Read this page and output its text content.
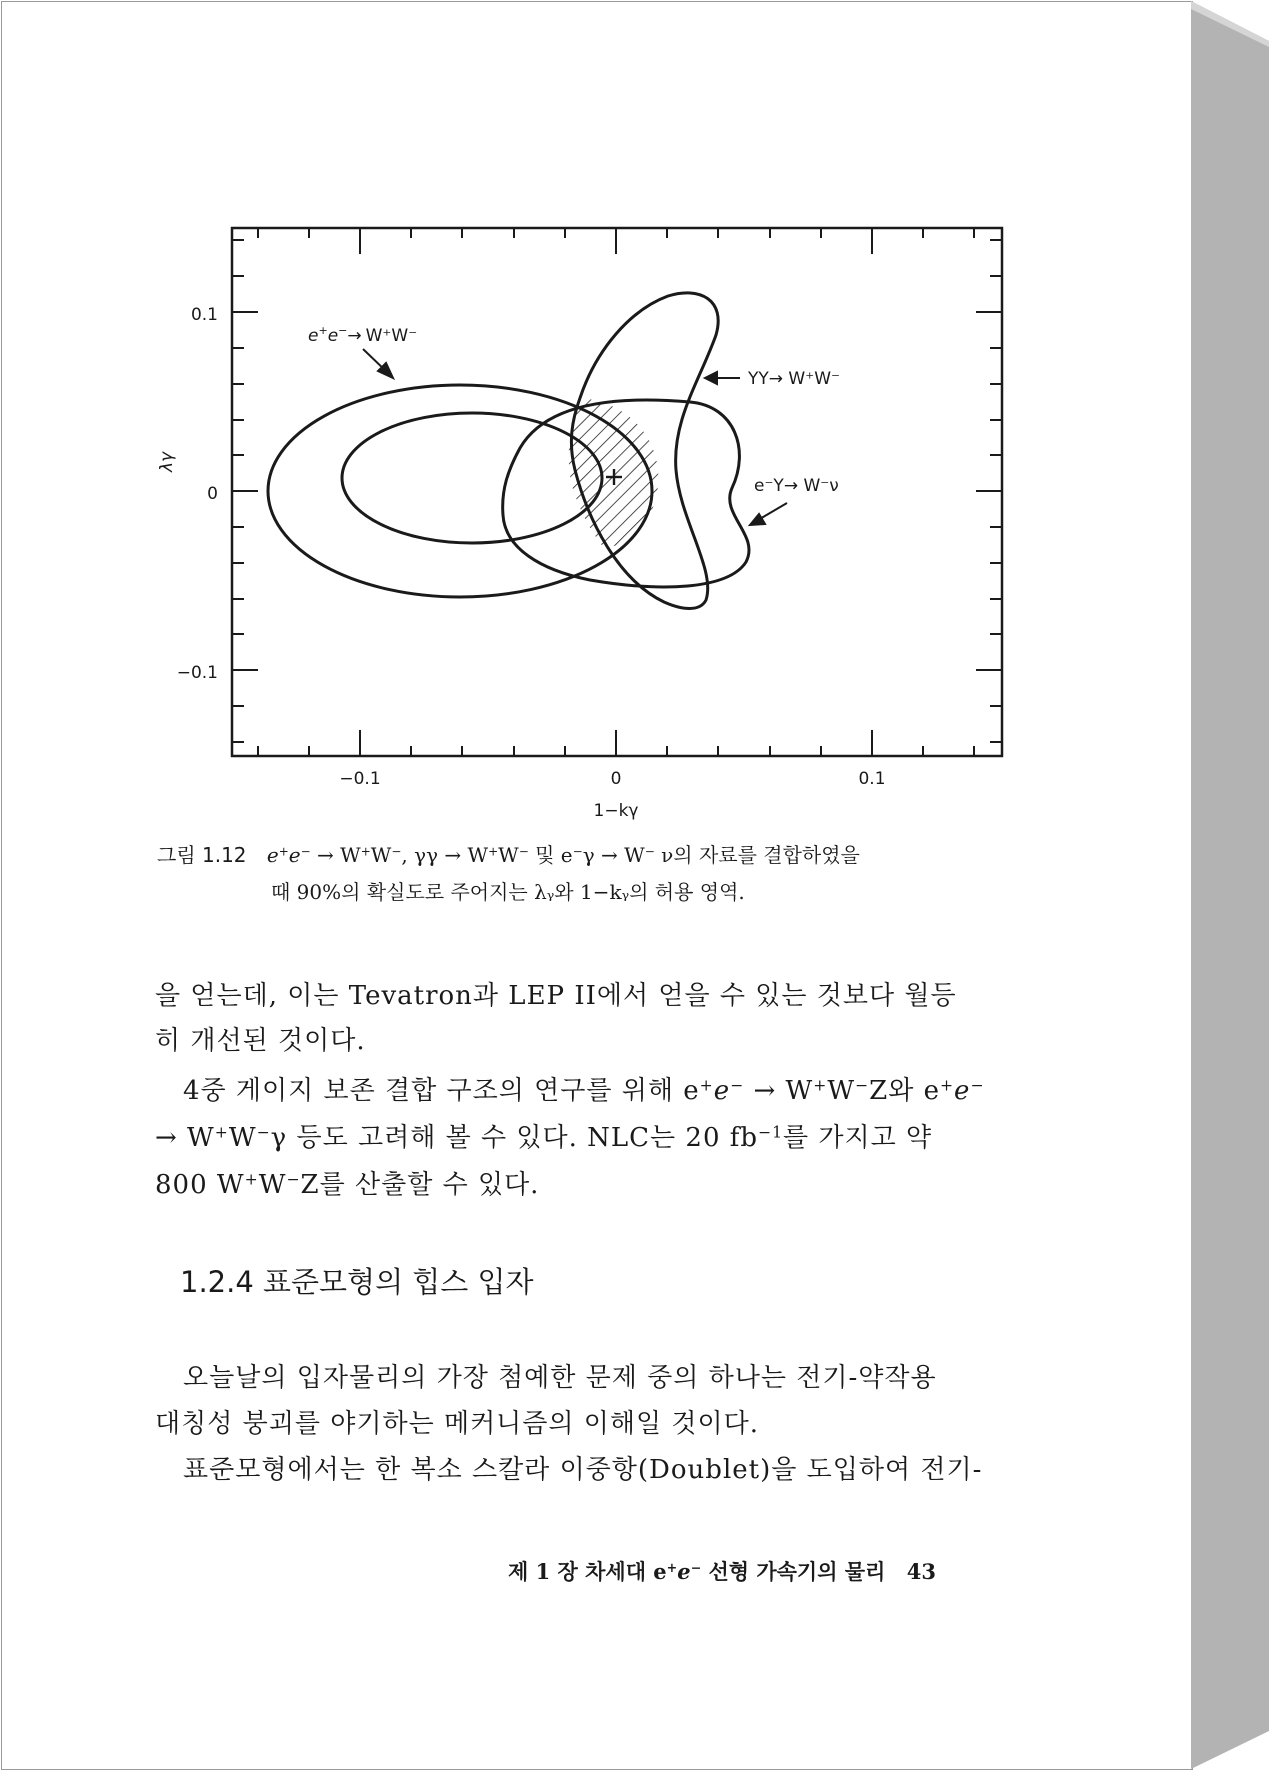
e+e−→ W⁺W⁻
YY→ W⁺W⁻
e⁻Y→ W⁻ν
0.1
0
−0.1
−0.1	0	0.1
λγ
1−kγ
그림 1.12 e+e− → W+W−, γγ → W+W− 및 e−γ → W− ν의 자료를 결합하였을
때 90%의 확실도로 주어지는 λᵧ와 1−kᵧ의 허용 영역.
을 얻는데, 이는 Tevatron과 LEP II에서 얻을 수 있는 것보다 월등
히 개선된 것이다.
4중 게이지 보존 결합 구조의 연구를 위해 e+e− → W+W−Z와 e+e−
→ W+W−γ 등도 고려해 볼 수 있다. NLC는 20 $fb^{-1}$를 가지고 약
800 W+W−Z를 산출할 수 있다.
1.2.4 표준모형의 힙스 입자
오늘날의 입자물리의 가장 첨예한 문제 중의 하나는 전기-약작용
대칭성 붕괴를 야기하는 메커니즘의 이해일 것이다.
표준모형에서는 한 복소 스칼라 이중항(Doublet)을 도입하여 전기-
제 1 장 차세대 e+e− 선형 가속기의 물리 43
